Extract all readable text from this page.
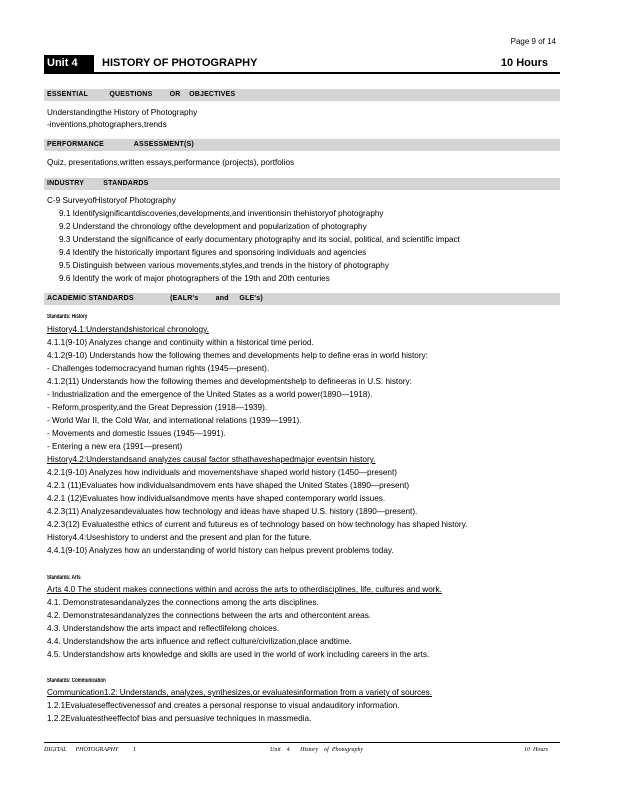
Page 9 of 14
Unit 4	HISTORY OF PHOTOGRAPHY	10 Hours
ESSENTIAL          QUESTIONS        OR    OBJECTIVES
Understandingthe History of Photography
-inventions,photographers,trends
PERFORMANCE              ASSESSMENT(S)
Quiz, presentations,written essays,performance (projects), portfolios
INDUSTRY         STANDARDS
C-9 SurveyofHistoryof Photography
9.1 Identifysignificantdiscoveries,developments,and inventionsin thehistoryof photography
9.2 Understand the chronology ofthe development and popularization of photography
9.3 Understand the significance of early documentary photography and its social, political, and scientific impact
9.4 Identify the historically important figures and sponsoring individuals and agencies
9.5 Distinguish between various movements,styles,and trends in the history of photography
9.6 Identify the work of major photographers of the 19th and 20th centuries
ACADEMIC STANDARDS                 (EALR's        and     GLE's)
Standards: History
History4.1:Understandshistorical chronology.
4.1.1(9-10) Analyzes change and continuity within a historical time period.
4.1.2(9-10) Understands how the following themes and developments help to define eras in world history:
- Challenges todemocracyand human rights (1945—present).
4.1.2(11) Understands how the following themes and developmentshelp to defineeras in U.S. history:
- Industrialization and the emergence of the United States as a world power(1890—1918).
- Reform,prosperity,and the Great Depression (1918—1939).
- World War II, the Cold War, and international relations (1939—1991).
- Movements and domestic Issues (1945—1991).
- Entering a new era (1991—present)
History4.2:Understandsand analyzes causal factor sthathaveshapedmajor eventsin history.
4.2.1(9-10) Analyzes how individuals and movementshave shaped world history (1450—present)
4.2.1 (11)Evaluates how individualsandmovem ents have shaped the United States (1890—present)
4.2.1 (12)Evaluates how individualsandmove ments have shaped contemporary world issues.
4.2.3(11) Analyzesandevaluates how technology and ideas have shaped U.S. history (1890—present).
4.2.3(12) Evaluatesthe ethics of current and futureus es of technology based on how technology has shaped history.
History4.4:Useshistory to underst and the present and plan for the future.
4.4.1(9-10) Analyzes how an understanding of world history can helpus prevent problems today.
Standards: Arts
Arts 4.0 The student makes connections within and across the arts to otherdisciplines, life, cultures and work.
4.1. Demonstratesandanalyzes the connections among the arts disciplines.
4.2. Demonstratesandanalyzes the connections between the arts and othercontent areas.
4.3. Understandshow the arts impact and reflectlifelong choices.
4.4. Understandshow the arts influence and reflect culture/civilization,place andtime.
4.5. Understandshow arts knowledge and skills are used in the world of work including careers in the arts.
Standards: Communication
Communication1.2: Understands, analyzes, synthesizes,or evaluatesinformation from a variety of sources.
1.2.1Evaluateseffectivenessof and creates a personal response to visual andauditory information.
1.2.2Evaluatestheeffectof bias and persuasive techniques in massmedia.
DIGITAL      PHOTOGRAPHY          I	Unit    4       History    of  Photography	10  Hours
